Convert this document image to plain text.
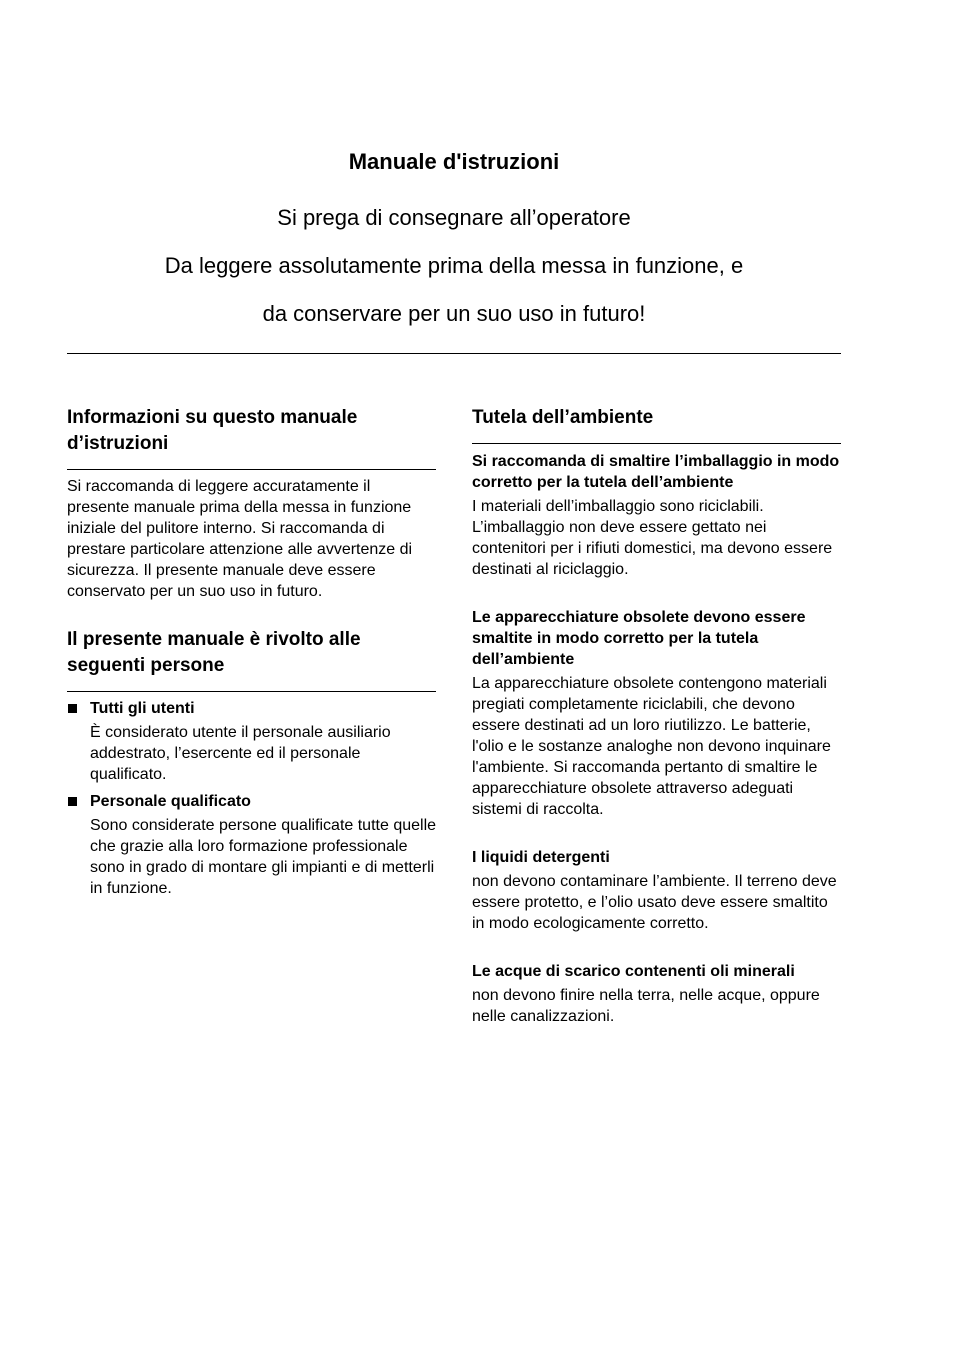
Manuale d'istruzioni

Si prega di consegnare all’operatore

Da leggere assolutamente prima della messa in funzione, e

da conservare per un suo uso in futuro!

Informazioni su questo manuale d’istruzioni

Si raccomanda di leggere accuratamente il presente manuale prima della messa in funzione iniziale del pulitore interno. Si raccomanda di prestare particolare attenzione alle avvertenze di sicurezza. Il presente manuale deve essere conservato per un suo uso in futuro.

Il presente manuale è rivolto alle seguenti persone

Tutti gli utenti

È considerato utente il personale ausiliario addestrato, l’esercente ed il personale qualificato.

Personale qualificato

Sono considerate persone qualificate tutte quelle che grazie alla loro formazione professionale sono in grado di montare gli impianti e di metterli in funzione.

Tutela dell’ambiente

Si raccomanda di smaltire l’imballaggio in modo corretto per la tutela dell’ambiente

I materiali dell’imballaggio sono riciclabili. L’imballaggio non deve essere gettato nei contenitori per i rifiuti domestici, ma devono essere destinati al riciclaggio.

Le apparecchiature obsolete devono essere smaltite in modo corretto per la tutela dell’ambiente

La apparecchiature obsolete contengono materiali pregiati completamente riciclabili, che devono essere destinati ad un loro riutilizzo. Le batterie, l'olio e le sostanze analoghe non devono inquinare l'ambiente. Si raccomanda pertanto di smaltire le apparecchiature obsolete attraverso adeguati sistemi di raccolta.

I liquidi detergenti

non devono contaminare l’ambiente. Il terreno deve essere protetto, e l’olio usato deve essere smaltito in modo ecologicamente corretto.

Le acque di scarico contenenti oli minerali

non devono finire nella terra, nelle acque, oppure nelle canalizzazioni.
